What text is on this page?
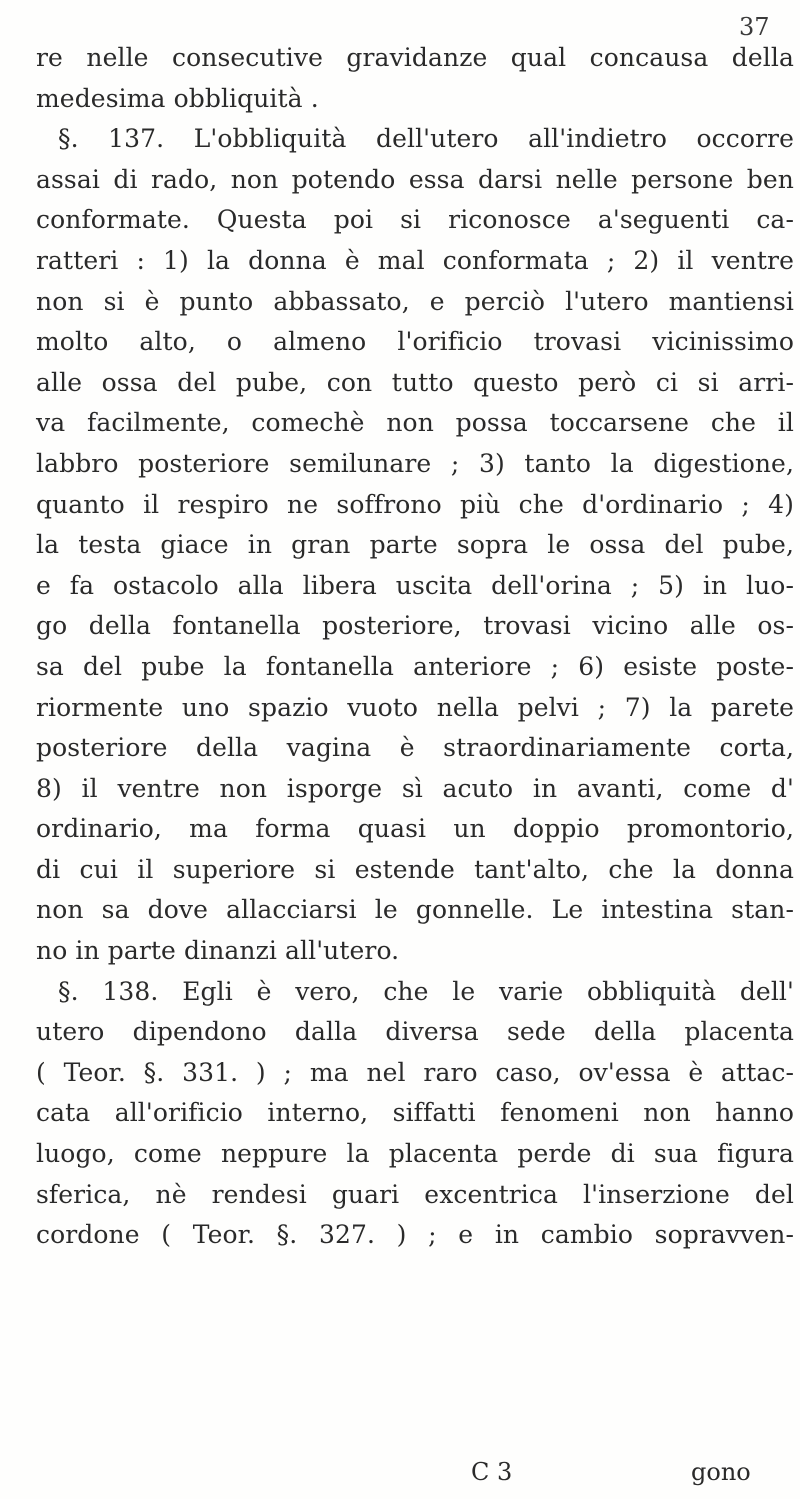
37
re nelle consecutive gravidanze qual concausa della
medesima obbliquità .
§. 137. L'obbliquità dell'utero all'indietro occorre
assai di rado, non potendo essa darsi nelle persone ben
conformate. Questa poi si riconosce a'seguenti ca-
ratteri : 1) la donna è mal conformata ; 2) il ventre
non si è punto abbassato, e perciò l'utero mantiensi
molto alto, o almeno l'orificio trovasi vicinissimo
alle ossa del pube, con tutto questo però ci si arri-
va facilmente, comechè non possa toccarsene che il
labbro posteriore semilunare ; 3) tanto la digestione,
quanto il respiro ne soffrono più che d'ordinario ; 4)
la testa giace in gran parte sopra le ossa del pube,
e fa ostacolo alla libera uscita dell'orina ; 5) in luo-
go della fontanella posteriore, trovasi vicino alle os-
sa del pube la fontanella anteriore ; 6) esiste poste-
riormente uno spazio vuoto nella pelvi ; 7) la parete
posteriore della vagina è straordinariamente corta,
8) il ventre non isporge sì acuto in avanti, come d'
ordinario, ma forma quasi un doppio promontorio,
di cui il superiore si estende tant'alto, che la donna
non sa dove allacciarsi le gonnelle. Le intestina stan-
no in parte dinanzi all'utero.
§. 138. Egli è vero, che le varie obbliquità dell'
utero dipendono dalla diversa sede della placenta
( Teor. §. 331. ) ; ma nel raro caso, ov'essa è attac-
cata all'orificio interno, siffatti fenomeni non hanno
luogo, come neppure la placenta perde di sua figura
sferica, nè rendesi guari excentrica l'inserzione del
cordone ( Teor. §. 327. ) ; e in cambio sopravven-
C 3	gono
